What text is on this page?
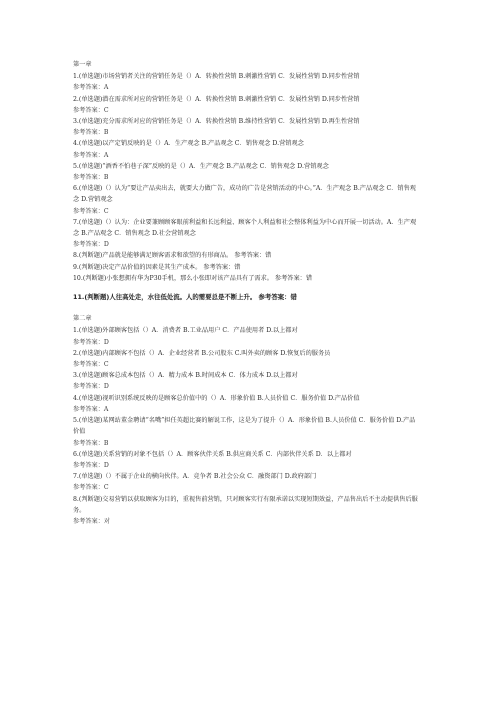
第一章

1.(单选题)市场营销者关注的营销任务是（）A．转换性营销 B.刺激性营销 C．发展性营销 D.同步性营销

参考答案：A

2.(单选题)潜在需求所对应的营销任务是（）A．转换性营销 B.刺激性营销 C．发展性营销 D.同步性营销

参考答案：C

3.(单选题)充分需求所对应的营销任务是（）A．转换性营销 B.维持性营销 C．发展性营销 D.再生性营销

参考答案：B

4.(单选题)以产定销反映的是（）A．生产观念 B.产品观念 C．销售观念 D.营销观念

参考答案：A

5.(单选题)“酒香不怕巷子深”反映的是（）A．生产观念 B.产品观念 C．销售观念 D.营销观念

参考答案：B

6.(单选题)（）认为“要让产品卖出去，就要大力做广告，成功的广告是营销活动的中心。”A．生产观念 B.产品观念 C．销售观念 D.营销观念

参考答案：C

7.(单选题)（）认为：企业要兼顾顾客眼前利益和长远利益、顾客个人利益和社会整体利益为中心而开展一切活动。A．生产观念 B.产品观念 C．销售观念 D.社会营销观念

参考答案：D

8.(判断题)产品就是能够满足顾客需求和欲望的有形商品。 参考答案：错

9.(判断题)决定产品价值的因素是其生产成本。 参考答案：错

10.(判断题)小张想拥有华为P30手机，那么小张即对该产品具有了需求。 参考答案：错

11.(判断题)人往高处走，水往低处流。人的需要总是不断上升。 参考答案：错

第二章

1.(单选题)外部顾客包括（）A．消费者 B.工业品用户 C．产品使用者 D.以上都对

参考答案：D

2.(单选题)内部顾客不包括（）A．企业经营者 B.公司股东 C.叫外卖的顾客 D.恢复后的服务员

参考答案：C

3.(单选题)顾客总成本包括（）A．精力成本 B.时间成本 C．体力成本 D.以上都对

参考答案：D

4.(单选题)视听识别系统反映的是顾客总价值中的（）A．形象价值 B.人员价值 C．服务价值 D.产品价值

参考答案：A

5.(单选题)某网站董金聘请“名嘴”担任英超比赛的解说工作，这是为了提升（）A．形象价值 B.人员价值 C．服务价值 D.产品价值

参考答案：B

6.(单选题)关系营销的对象不包括（）A．顾客伙伴关系 B.供应商关系 C．内部伙伴关系 D．以上都对

参考答案：D

7.(单选题)（）不属于企业的横向伙伴。A．竞争者 B.社会公众 C．融资部门 D.政府部门

参考答案：C

8.(判断题)交易营销以获取顾客为目的，重视售前营销，只对顾客实行有限承诺以实现短期效益，产品售出后不主动提供售后服务。

参考答案：对
